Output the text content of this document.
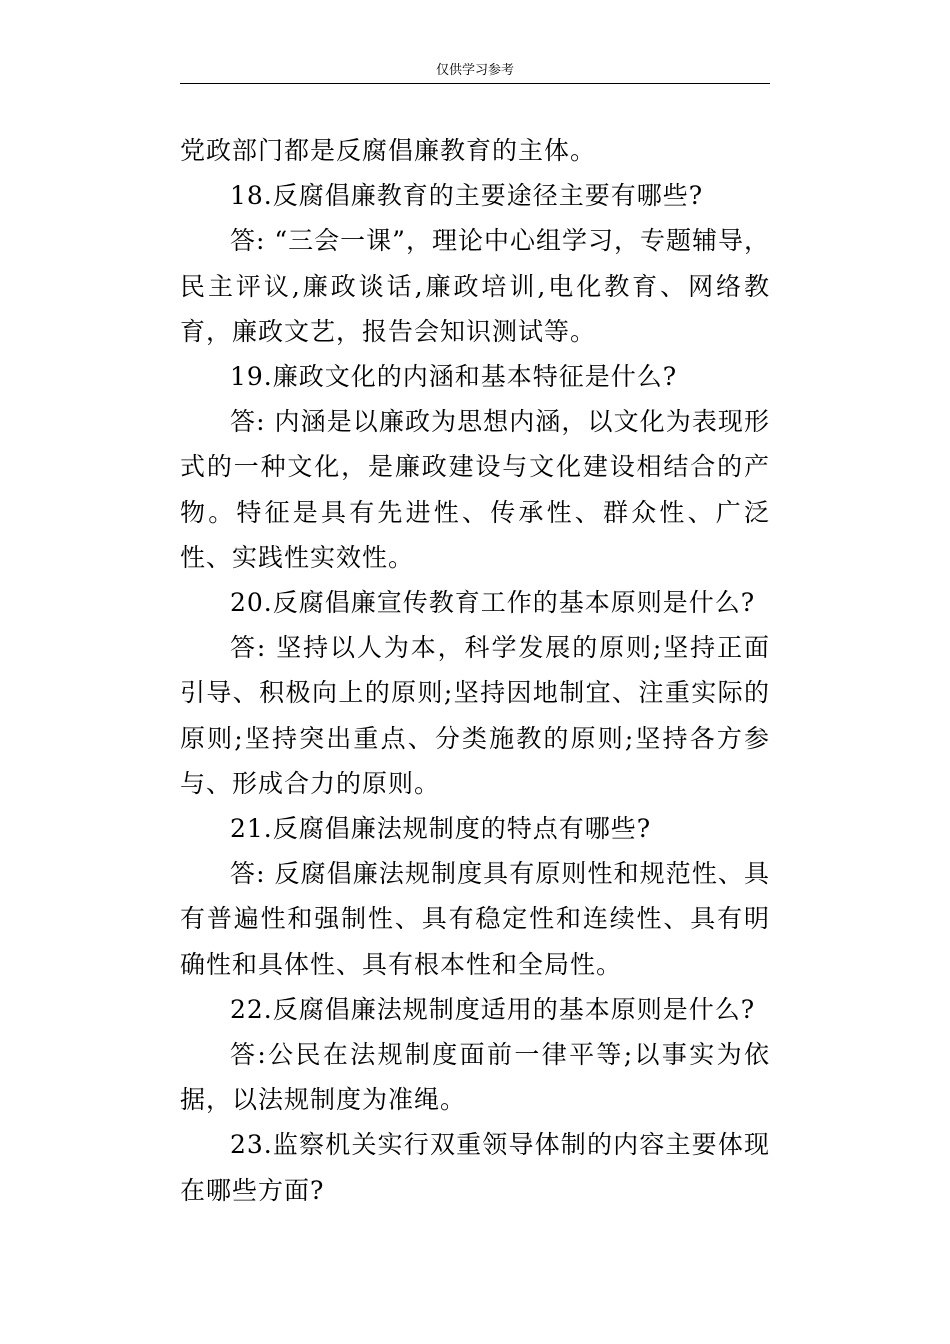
仅供学习参考

党政部门都是反腐倡廉教育的主体。

18.反腐倡廉教育的主要途径主要有哪些?

答: “三会一课”，理论中心组学习，专题辅导，民主评议,廉政谈话,廉政培训,电化教育、网络教育，廉政文艺，报告会知识测试等。

19.廉政文化的内涵和基本特征是什么?

答: 内涵是以廉政为思想内涵，以文化为表现形式的一种文化，是廉政建设与文化建设相结合的产物。特征是具有先进性、传承性、群众性、广泛性、实践性实效性。

20.反腐倡廉宣传教育工作的基本原则是什么?

答: 坚持以人为本，科学发展的原则;坚持正面引导、积极向上的原则;坚持因地制宜、注重实际的原则;坚持突出重点、分类施教的原则;坚持各方参与、形成合力的原则。

21.反腐倡廉法规制度的特点有哪些?

答: 反腐倡廉法规制度具有原则性和规范性、具有普遍性和强制性、具有稳定性和连续性、具有明确性和具体性、具有根本性和全局性。

22.反腐倡廉法规制度适用的基本原则是什么?

答:公民在法规制度面前一律平等;以事实为依据，以法规制度为准绳。

23.监察机关实行双重领导体制的内容主要体现在哪些方面?
